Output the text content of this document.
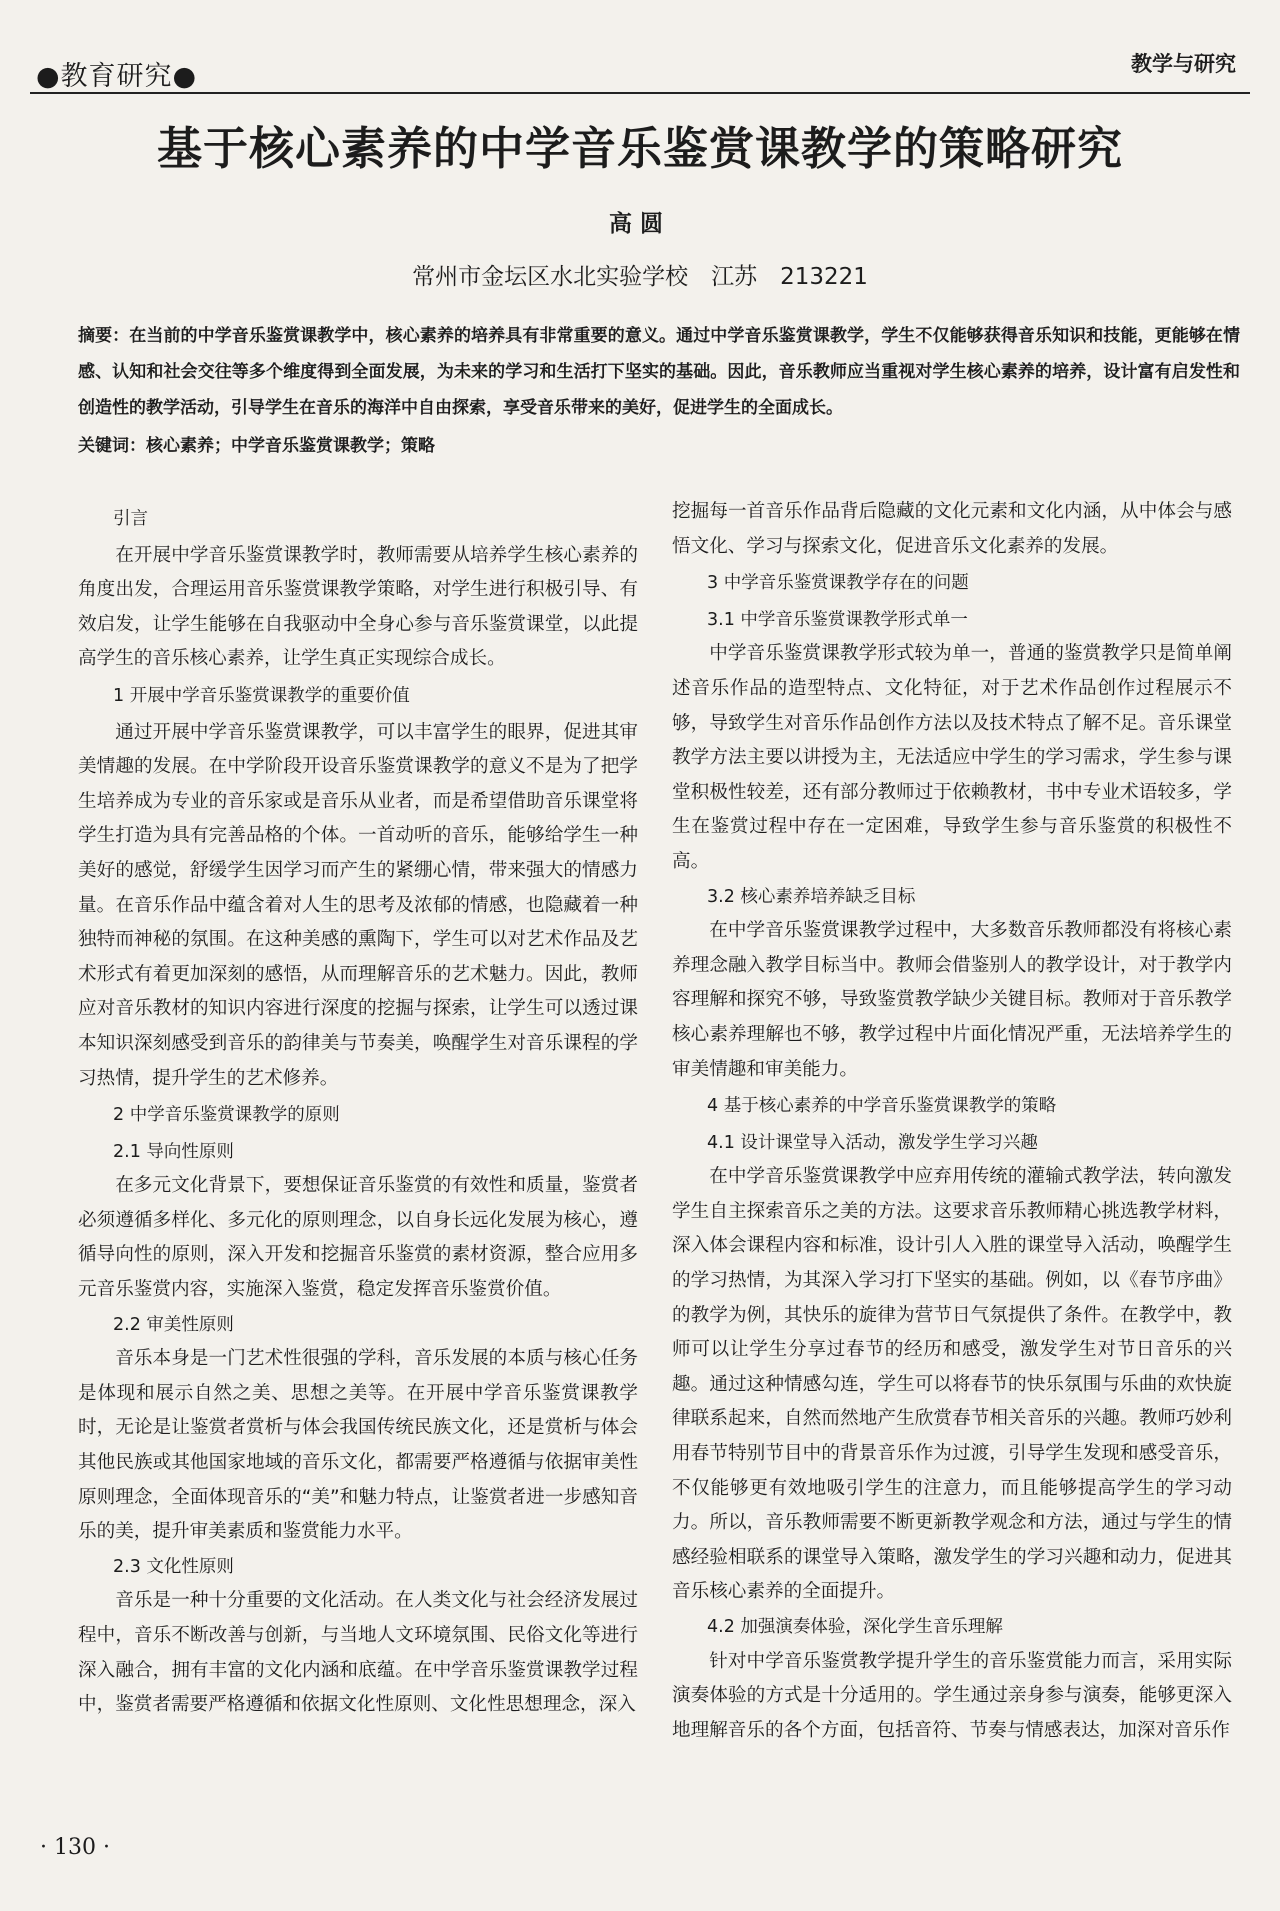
●教育研究●	教学与研究
基于核心素养的中学音乐鉴赏课教学的策略研究
高圆
常州市金坛区水北实验学校　江苏　213221
摘要：在当前的中学音乐鉴赏课教学中，核心素养的培养具有非常重要的意义。通过中学音乐鉴赏课教学，学生不仅能够获得音乐知识和技能，更能够在情感、认知和社会交往等多个维度得到全面发展，为未来的学习和生活打下坚实的基础。因此，音乐教师应当重视对学生核心素养的培养，设计富有启发性和创造性的教学活动，引导学生在音乐的海洋中自由探索，享受音乐带来的美好，促进学生的全面成长。
关键词：核心素养；中学音乐鉴赏课教学；策略
引言

在开展中学音乐鉴赏课教学时，教师需要从培养学生核心素养的角度出发，合理运用音乐鉴赏课教学策略，对学生进行积极引导、有效启发，让学生能够在自我驱动中全身心参与音乐鉴赏课堂，以此提高学生的音乐核心素养，让学生真正实现综合成长。

1 开展中学音乐鉴赏课教学的重要价值

通过开展中学音乐鉴赏课教学，可以丰富学生的眼界，促进其审美情趣的发展。在中学阶段开设音乐鉴赏课教学的意义不是为了把学生培养成为专业的音乐家或是音乐从业者，而是希望借助音乐课堂将学生打造为具有完善品格的个体。一首动听的音乐，能够给学生一种美好的感觉，舒缓学生因学习而产生的紧绷心情，带来强大的情感力量。在音乐作品中蕴含着对人生的思考及浓郁的情感，也隐藏着一种独特而神秘的氛围。在这种美感的熏陶下，学生可以对艺术作品及艺术形式有着更加深刻的感悟，从而理解音乐的艺术魅力。因此，教师应对音乐教材的知识内容进行深度的挖掘与探索，让学生可以透过课本知识深刻感受到音乐的韵律美与节奏美，唤醒学生对音乐课程的学习热情，提升学生的艺术修养。

2 中学音乐鉴赏课教学的原则
2.1 导向性原则

在多元文化背景下，要想保证音乐鉴赏的有效性和质量，鉴赏者必须遵循多样化、多元化的原则理念，以自身长远化发展为核心，遵循导向性的原则，深入开发和挖掘音乐鉴赏的素材资源，整合应用多元音乐鉴赏内容，实施深入鉴赏，稳定发挥音乐鉴赏价值。

2.2 审美性原则

音乐本身是一门艺术性很强的学科，音乐发展的本质与核心任务是体现和展示自然之美、思想之美等。在开展中学音乐鉴赏课教学时，无论是让鉴赏者赏析与体会我国传统民族文化，还是赏析与体会其他民族或其他国家地域的音乐文化，都需要严格遵循与依据审美性原则理念，全面体现音乐的“美”和魅力特点，让鉴赏者进一步感知音乐的美，提升审美素质和鉴赏能力水平。

2.3 文化性原则

音乐是一种十分重要的文化活动。在人类文化与社会经济发展过程中，音乐不断改善与创新，与当地人文环境氛围、民俗文化等进行深入融合，拥有丰富的文化内涵和底蕴。在中学音乐鉴赏课教学过程中，鉴赏者需要严格遵循和依据文化性原则、文化性思想理念，深入

挖掘每一首音乐作品背后隐藏的文化元素和文化内涵，从中体会与感悟文化、学习与探索文化，促进音乐文化素养的发展。

3 中学音乐鉴赏课教学存在的问题
3.1 中学音乐鉴赏课教学形式单一

中学音乐鉴赏课教学形式较为单一，普通的鉴赏教学只是简单阐述音乐作品的造型特点、文化特征，对于艺术作品创作过程展示不够，导致学生对音乐作品创作方法以及技术特点了解不足。音乐课堂教学方法主要以讲授为主，无法适应中学生的学习需求，学生参与课堂积极性较差，还有部分教师过于依赖教材，书中专业术语较多，学生在鉴赏过程中存在一定困难，导致学生参与音乐鉴赏的积极性不高。

3.2 核心素养培养缺乏目标

在中学音乐鉴赏课教学过程中，大多数音乐教师都没有将核心素养理念融入教学目标当中。教师会借鉴别人的教学设计，对于教学内容理解和探究不够，导致鉴赏教学缺少关键目标。教师对于音乐教学核心素养理解也不够，教学过程中片面化情况严重，无法培养学生的审美情趣和审美能力。

4 基于核心素养的中学音乐鉴赏课教学的策略
4.1 设计课堂导入活动，激发学生学习兴趣

在中学音乐鉴赏课教学中应弃用传统的灌输式教学法，转向激发学生自主探索音乐之美的方法。这要求音乐教师精心挑选教学材料，深入体会课程内容和标准，设计引人入胜的课堂导入活动，唤醒学生的学习热情，为其深入学习打下坚实的基础。例如，以《春节序曲》的教学为例，其快乐的旋律为营节日气氛提供了条件。在教学中，教师可以让学生分享过春节的经历和感受，激发学生对节日音乐的兴趣。通过这种情感勾连，学生可以将春节的快乐氛围与乐曲的欢快旋律联系起来，自然而然地产生欣赏春节相关音乐的兴趣。教师巧妙利用春节特别节目中的背景音乐作为过渡，引导学生发现和感受音乐，不仅能够更有效地吸引学生的注意力，而且能够提高学生的学习动力。所以，音乐教师需要不断更新教学观念和方法，通过与学生的情感经验相联系的课堂导入策略，激发学生的学习兴趣和动力，促进其音乐核心素养的全面提升。

4.2 加强演奏体验，深化学生音乐理解

针对中学音乐鉴赏教学提升学生的音乐鉴赏能力而言，采用实际演奏体验的方式是十分适用的。学生通过亲身参与演奏，能够更深入地理解音乐的各个方面，包括音符、节奏与情感表达，加深对音乐作

· 130 ·
